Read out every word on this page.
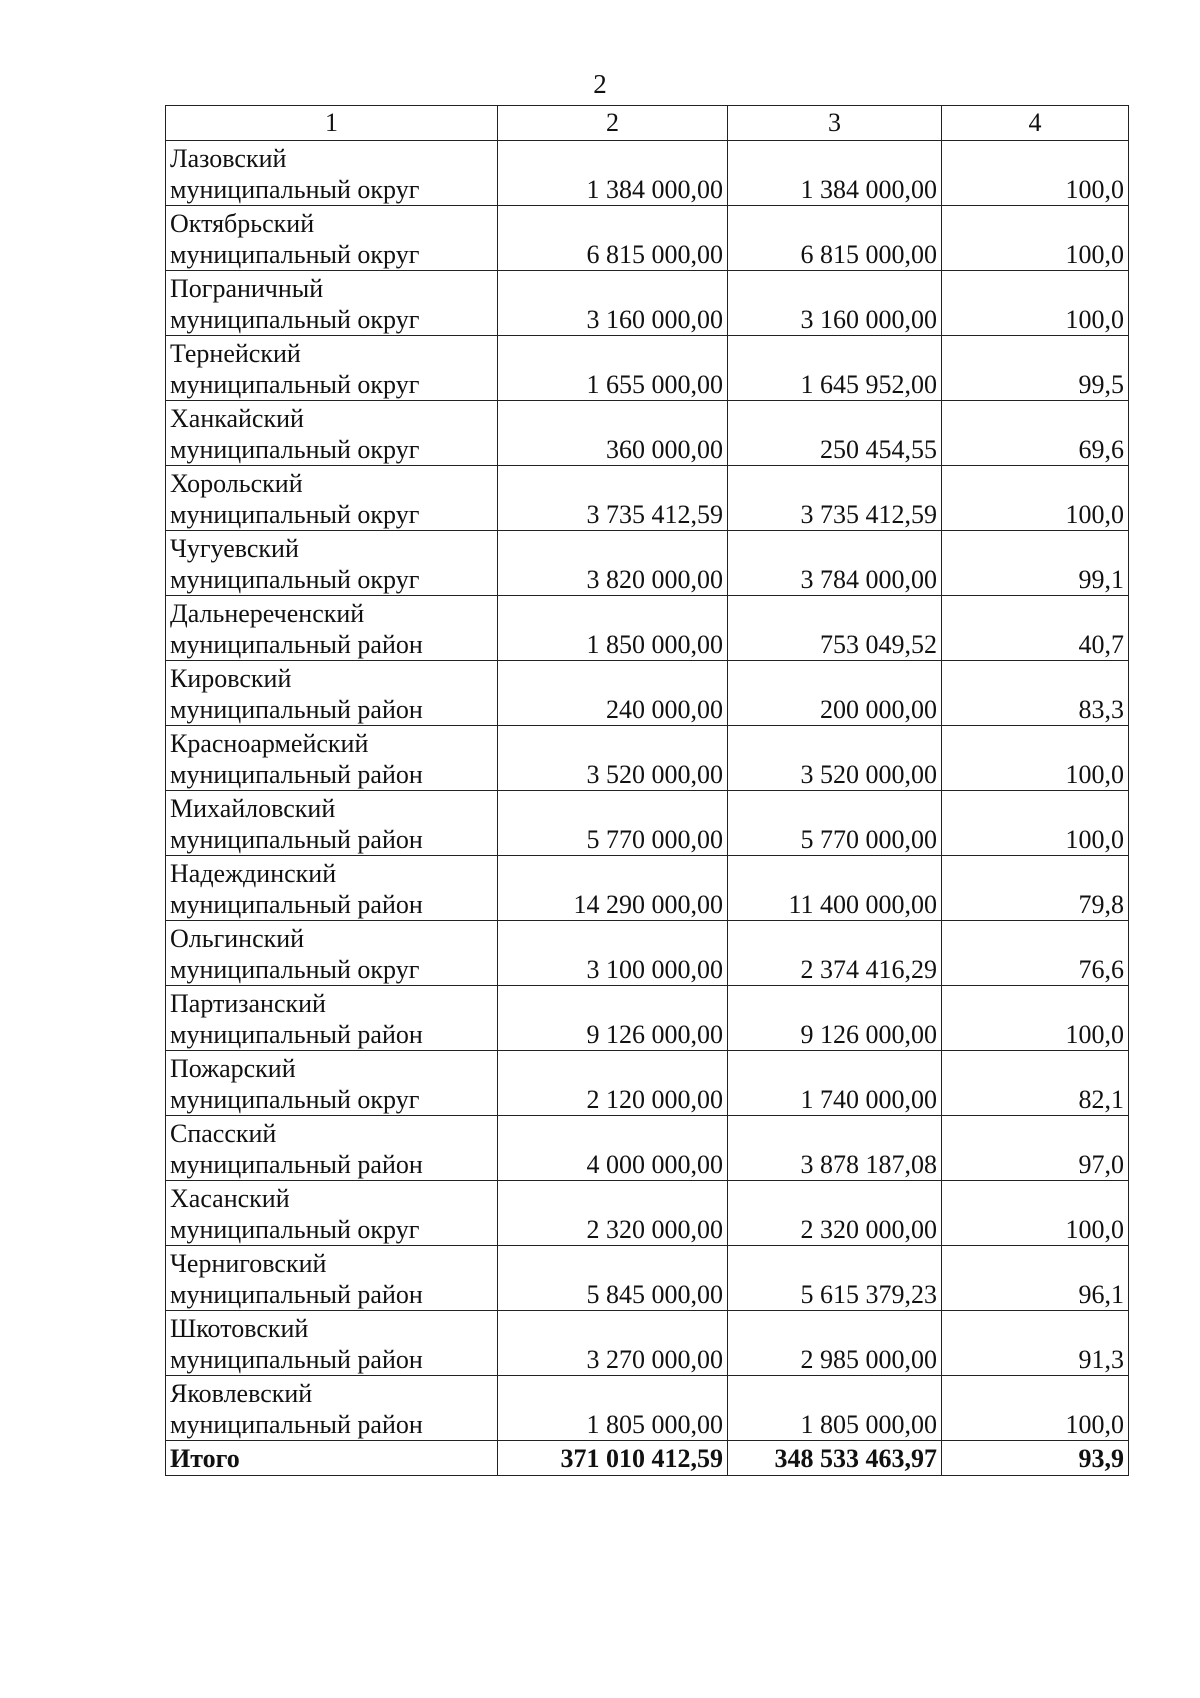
2
1	2	3	4

Лазовский
муниципальный округ	1 384 000,00	1 384 000,00	100,0

Октябрьский
муниципальный округ	6 815 000,00	6 815 000,00	100,0

Пограничный
муниципальный округ	3 160 000,00	3 160 000,00	100,0

Тернейский
муниципальный округ	1 655 000,00	1 645 952,00	99,5

Ханкайский
муниципальный округ	360 000,00	250 454,55	69,6

Хорольский
муниципальный округ	3 735 412,59	3 735 412,59	100,0

Чугуевский
муниципальный округ	3 820 000,00	3 784 000,00	99,1

Дальнереченский
муниципальный район	1 850 000,00	753 049,52	40,7

Кировский
муниципальный район	240 000,00	200 000,00	83,3

Красноармейский
муниципальный район	3 520 000,00	3 520 000,00	100,0

Михайловский
муниципальный район	5 770 000,00	5 770 000,00	100,0

Надеждинский
муниципальный район	14 290 000,00	11 400 000,00	79,8

Ольгинский
муниципальный округ	3 100 000,00	2 374 416,29	76,6

Партизанский
муниципальный район	9 126 000,00	9 126 000,00	100,0

Пожарский
муниципальный округ	2 120 000,00	1 740 000,00	82,1

Спасский
муниципальный район	4 000 000,00	3 878 187,08	97,0

Хасанский
муниципальный округ	2 320 000,00	2 320 000,00	100,0

Черниговский
муниципальный район	5 845 000,00	5 615 379,23	96,1

Шкотовский
муниципальный район	3 270 000,00	2 985 000,00	91,3

Яковлевский
муниципальный район	1 805 000,00	1 805 000,00	100,0
Итого	371 010 412,59	348 533 463,97	93,9
